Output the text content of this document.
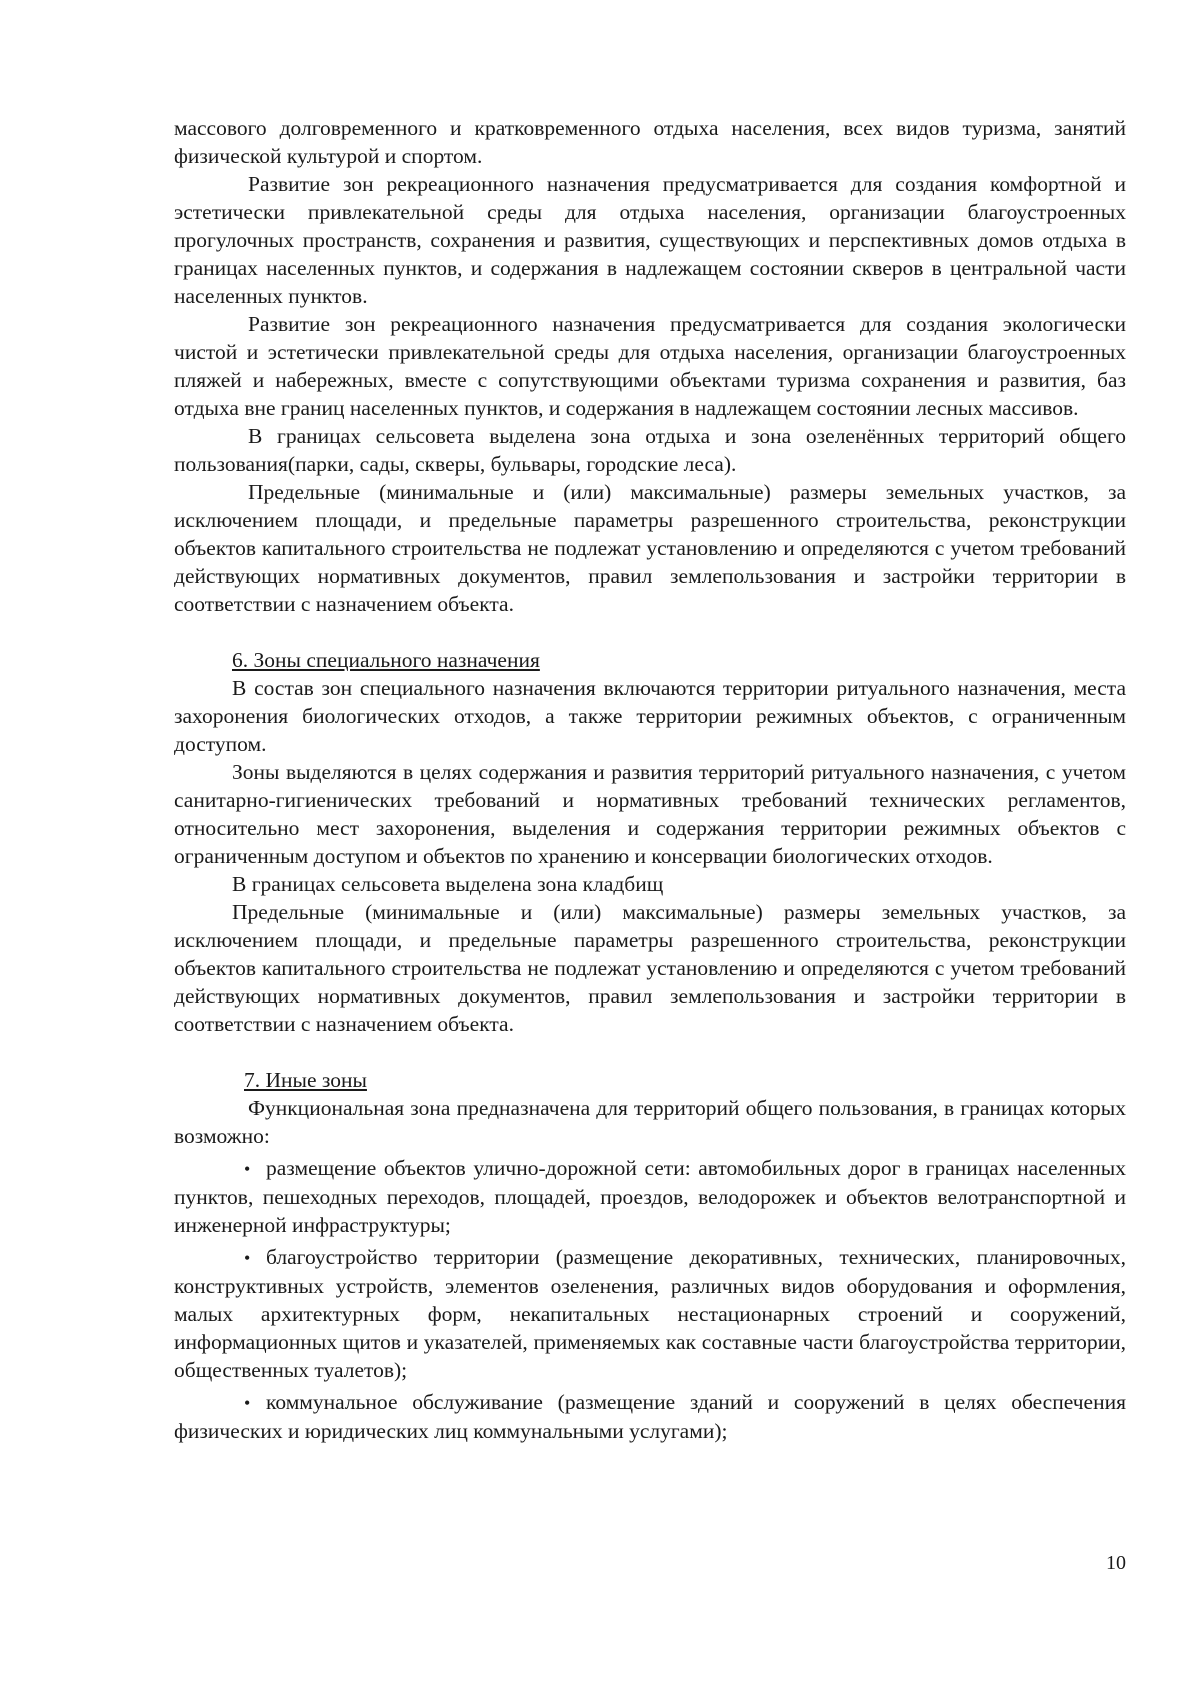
массового долговременного и кратковременного отдыха населения, всех видов туризма, занятий физической культурой и спортом.

Развитие зон рекреационного назначения предусматривается для создания комфортной и эстетически привлекательной среды для отдыха населения, организации благоустроенных прогулочных пространств, сохранения и развития, существующих и перспективных домов отдыха в границах населенных пунктов, и содержания в надлежащем состоянии скверов в центральной части населенных пунктов.

Развитие зон рекреационного назначения предусматривается для создания экологически чистой и эстетически привлекательной среды для отдыха населения, организации благоустроенных пляжей и набережных, вместе с сопутствующими объектами туризма сохранения и развития, баз отдыха вне границ населенных пунктов, и содержания в надлежащем состоянии лесных массивов.

В границах сельсовета выделена зона отдыха и зона озеленённых территорий общего пользования(парки, сады, скверы, бульвары, городские леса).

Предельные (минимальные и (или) максимальные) размеры земельных участков, за исключением площади, и предельные параметры разрешенного строительства, реконструкции объектов капитального строительства не подлежат установлению и определяются с учетом требований действующих нормативных документов, правил землепользования и застройки территории в соответствии с назначением объекта.

6. Зоны специального назначения

В состав зон специального назначения включаются территории ритуального назначения, места захоронения биологических отходов, а также территории режимных объектов, с ограниченным доступом.

Зоны выделяются в целях содержания и развития территорий ритуального назначения, с учетом санитарно-гигиенических требований и нормативных требований технических регламентов, относительно мест захоронения, выделения и содержания территории режимных объектов с ограниченным доступом и объектов по хранению и консервации биологических отходов.

В границах сельсовета выделена зона кладбищ

Предельные (минимальные и (или) максимальные) размеры земельных участков, за исключением площади, и предельные параметры разрешенного строительства, реконструкции объектов капитального строительства не подлежат установлению и определяются с учетом требований действующих нормативных документов, правил землепользования и застройки территории в соответствии с назначением объекта.

7. Иные зоны

Функциональная зона предназначена для территорий общего пользования, в границах которых возможно:

• размещение объектов улично-дорожной сети: автомобильных дорог в границах населенных пунктов, пешеходных переходов, площадей, проездов, велодорожек и объектов велотранспортной и инженерной инфраструктуры;

• благоустройство территории (размещение декоративных, технических, планировочных, конструктивных устройств, элементов озеленения, различных видов оборудования и оформления, малых архитектурных форм, некапитальных нестационарных строений и сооружений, информационных щитов и указателей, применяемых как составные части благоустройства территории, общественных туалетов);

• коммунальное обслуживание (размещение зданий и сооружений в целях обеспечения физических и юридических лиц коммунальными услугами);

10
